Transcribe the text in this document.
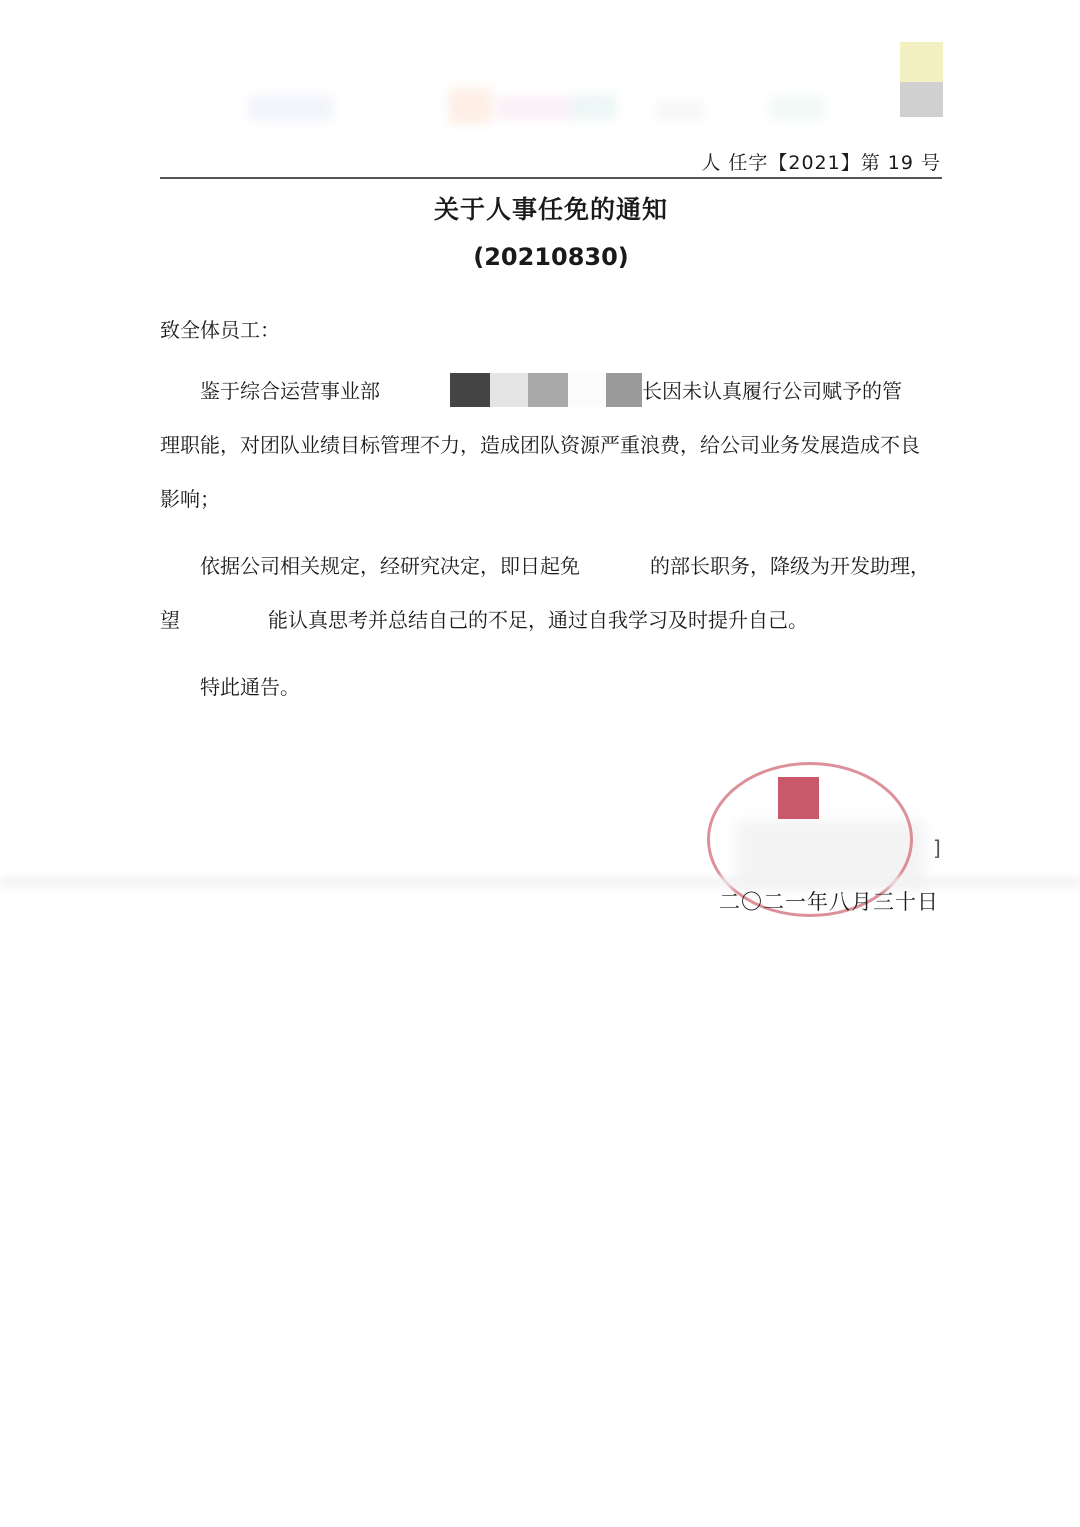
人 任字【2021】第 19 号
关于人事任免的通知
(20210830)
致全体员工：
鉴于综合运营事业部	长因未认真履行公司赋予的管
理职能，对团队业绩目标管理不力，造成团队资源严重浪费，给公司业务发展造成不良
影响；
依据公司相关规定，经研究决定，即日起免	的部长职务，降级为开发助理，
望	能认真思考并总结自己的不足，通过自我学习及时提升自己。
特此通告。
]
二〇二一年八月三十日
